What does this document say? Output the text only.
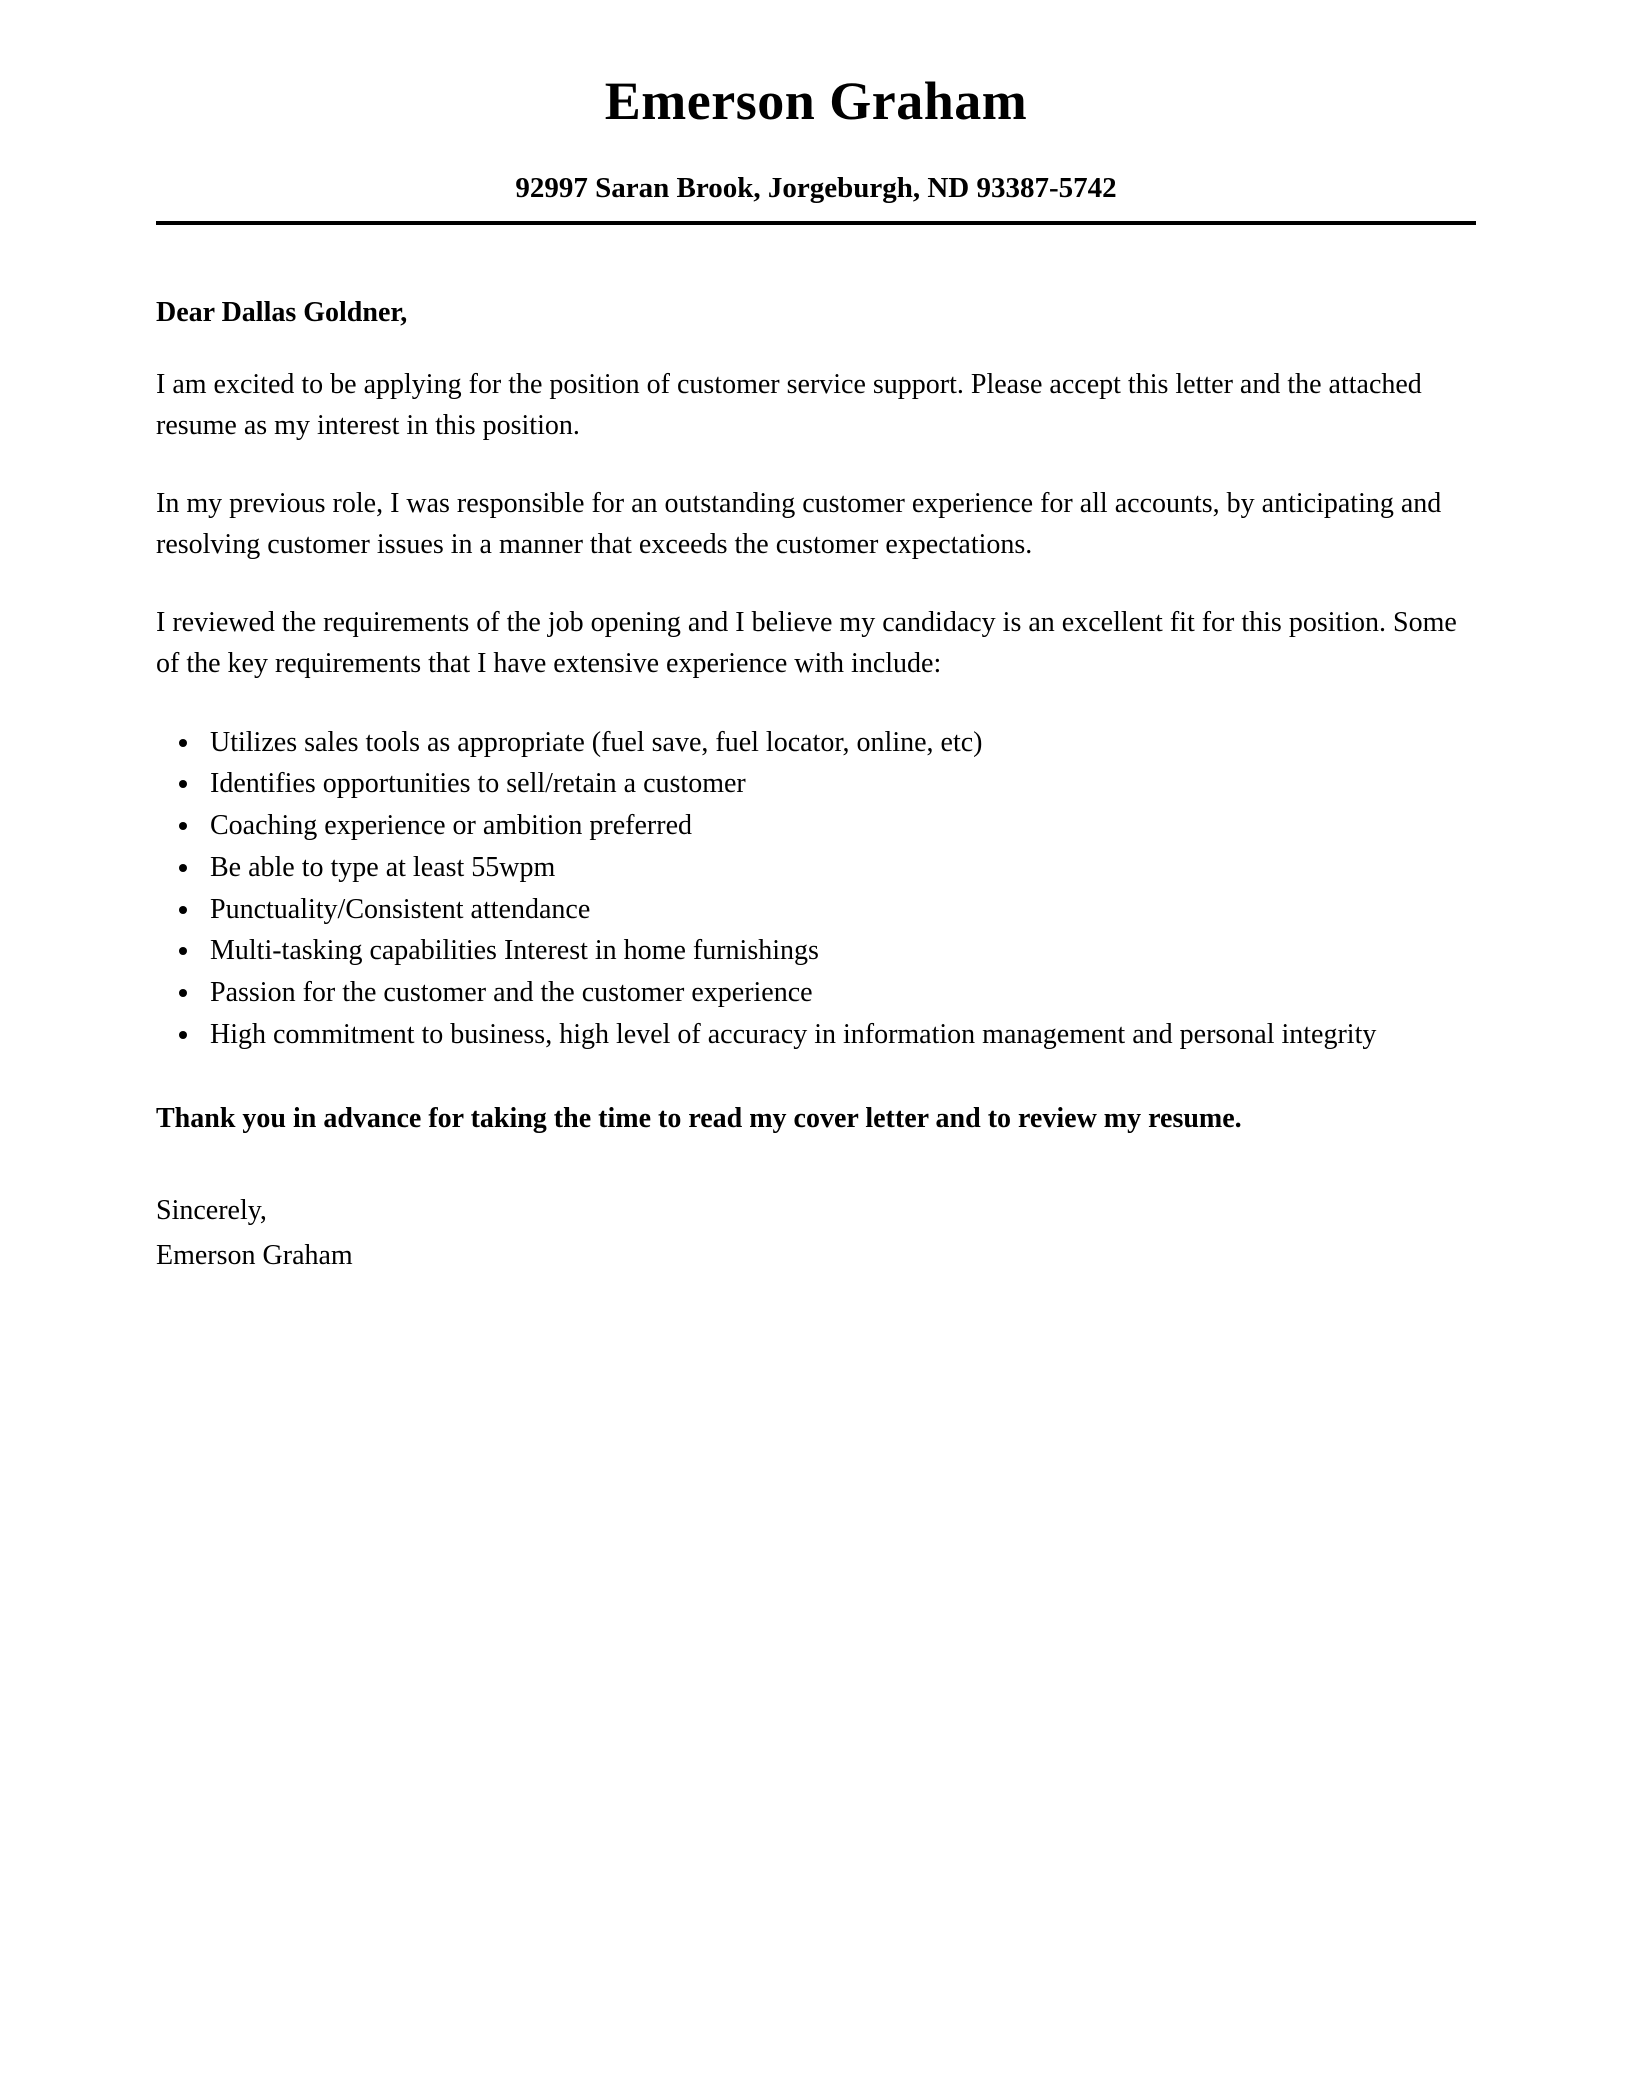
Emerson Graham
92997 Saran Brook, Jorgeburgh, ND 93387-5742
Dear Dallas Goldner,

I am excited to be applying for the position of customer service support. Please accept this letter and the attached resume as my interest in this position.

In my previous role, I was responsible for an outstanding customer experience for all accounts, by anticipating and resolving customer issues in a manner that exceeds the customer expectations.

I reviewed the requirements of the job opening and I believe my candidacy is an excellent fit for this position. Some of the key requirements that I have extensive experience with include:

• Utilizes sales tools as appropriate (fuel save, fuel locator, online, etc)
• Identifies opportunities to sell/retain a customer
• Coaching experience or ambition preferred
• Be able to type at least 55wpm
• Punctuality/Consistent attendance
• Multi-tasking capabilities Interest in home furnishings
• Passion for the customer and the customer experience
• High commitment to business, high level of accuracy in information management and personal integrity

Thank you in advance for taking the time to read my cover letter and to review my resume.

Sincerely,

Emerson Graham
